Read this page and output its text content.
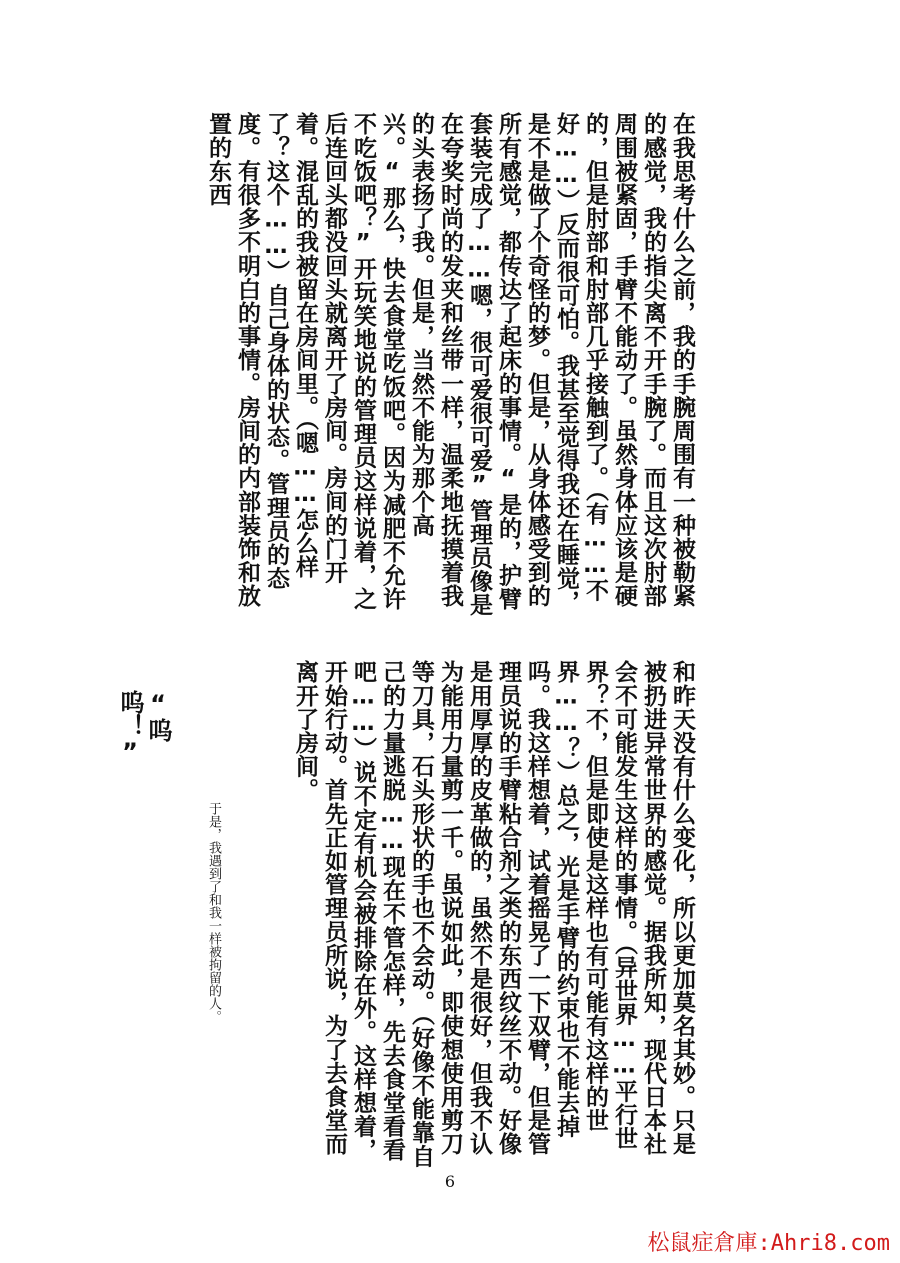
在我思考什么之前，我的手腕周围有一种被勒紧的感觉，我的指尖离不开手腕了。而且这次肘部周围被紧固，手臂不能动了。虽然身体应该是硬的，但是肘部和肘部几乎接触到了。（有……不好……）反而很可怕。我甚至觉得我还在睡觉，是不是做了个奇怪的梦。但是，从身体感受到的所有感觉，都传达了起床的事情。“是的，护臂套装完成了……嗯，很可爱很可爱”管理员像是在夸奖时尚的发夹和丝带一样，温柔地抚摸着我的头表扬了我。但是，当然不能为那个高兴。“那么，快去食堂吃饭吧。因为减肥不允许不吃饭吧？”开玩笑地说的管理员这样说着，之后连回头都没回头就离开了房间。房间的门开着。混乱的我被留在房间里。（嗯……怎么样了？这个……）自己身体的状态。管理员的态度。有很多不明白的事情。房间的内部装饰和放置的东西

和昨天没有什么变化，所以更加莫名其妙。只是被扔进异常世界的感觉。据我所知，现代日本社会不可能发生这样的事情。（异世界……平行世界？不，但是即使是这样也有可能有这样的世界……？）总之，光是手臂的约束也不能去掉吗。我这样想着，试着摇晃了一下双臂，但是管理员说的手臂粘合剂之类的东西纹丝不动。好像是用厚厚的皮革做的，虽然不是很好，但我不认为能用力量剪一千。虽说如此，即使想使用剪刀等刀具，石头形状的手也不会动。（好像不能靠自己的力量逃脱……现在不管怎样，先去食堂看看吧……）说不定有机会被排除在外。这样想着，开始行动。首先正如管理员所说，为了去食堂而离开了房间。

“呜呜！”

于是，我遇到了和我一样被拘留的人。

6

松鼠症倉庫:Ahri8.com
